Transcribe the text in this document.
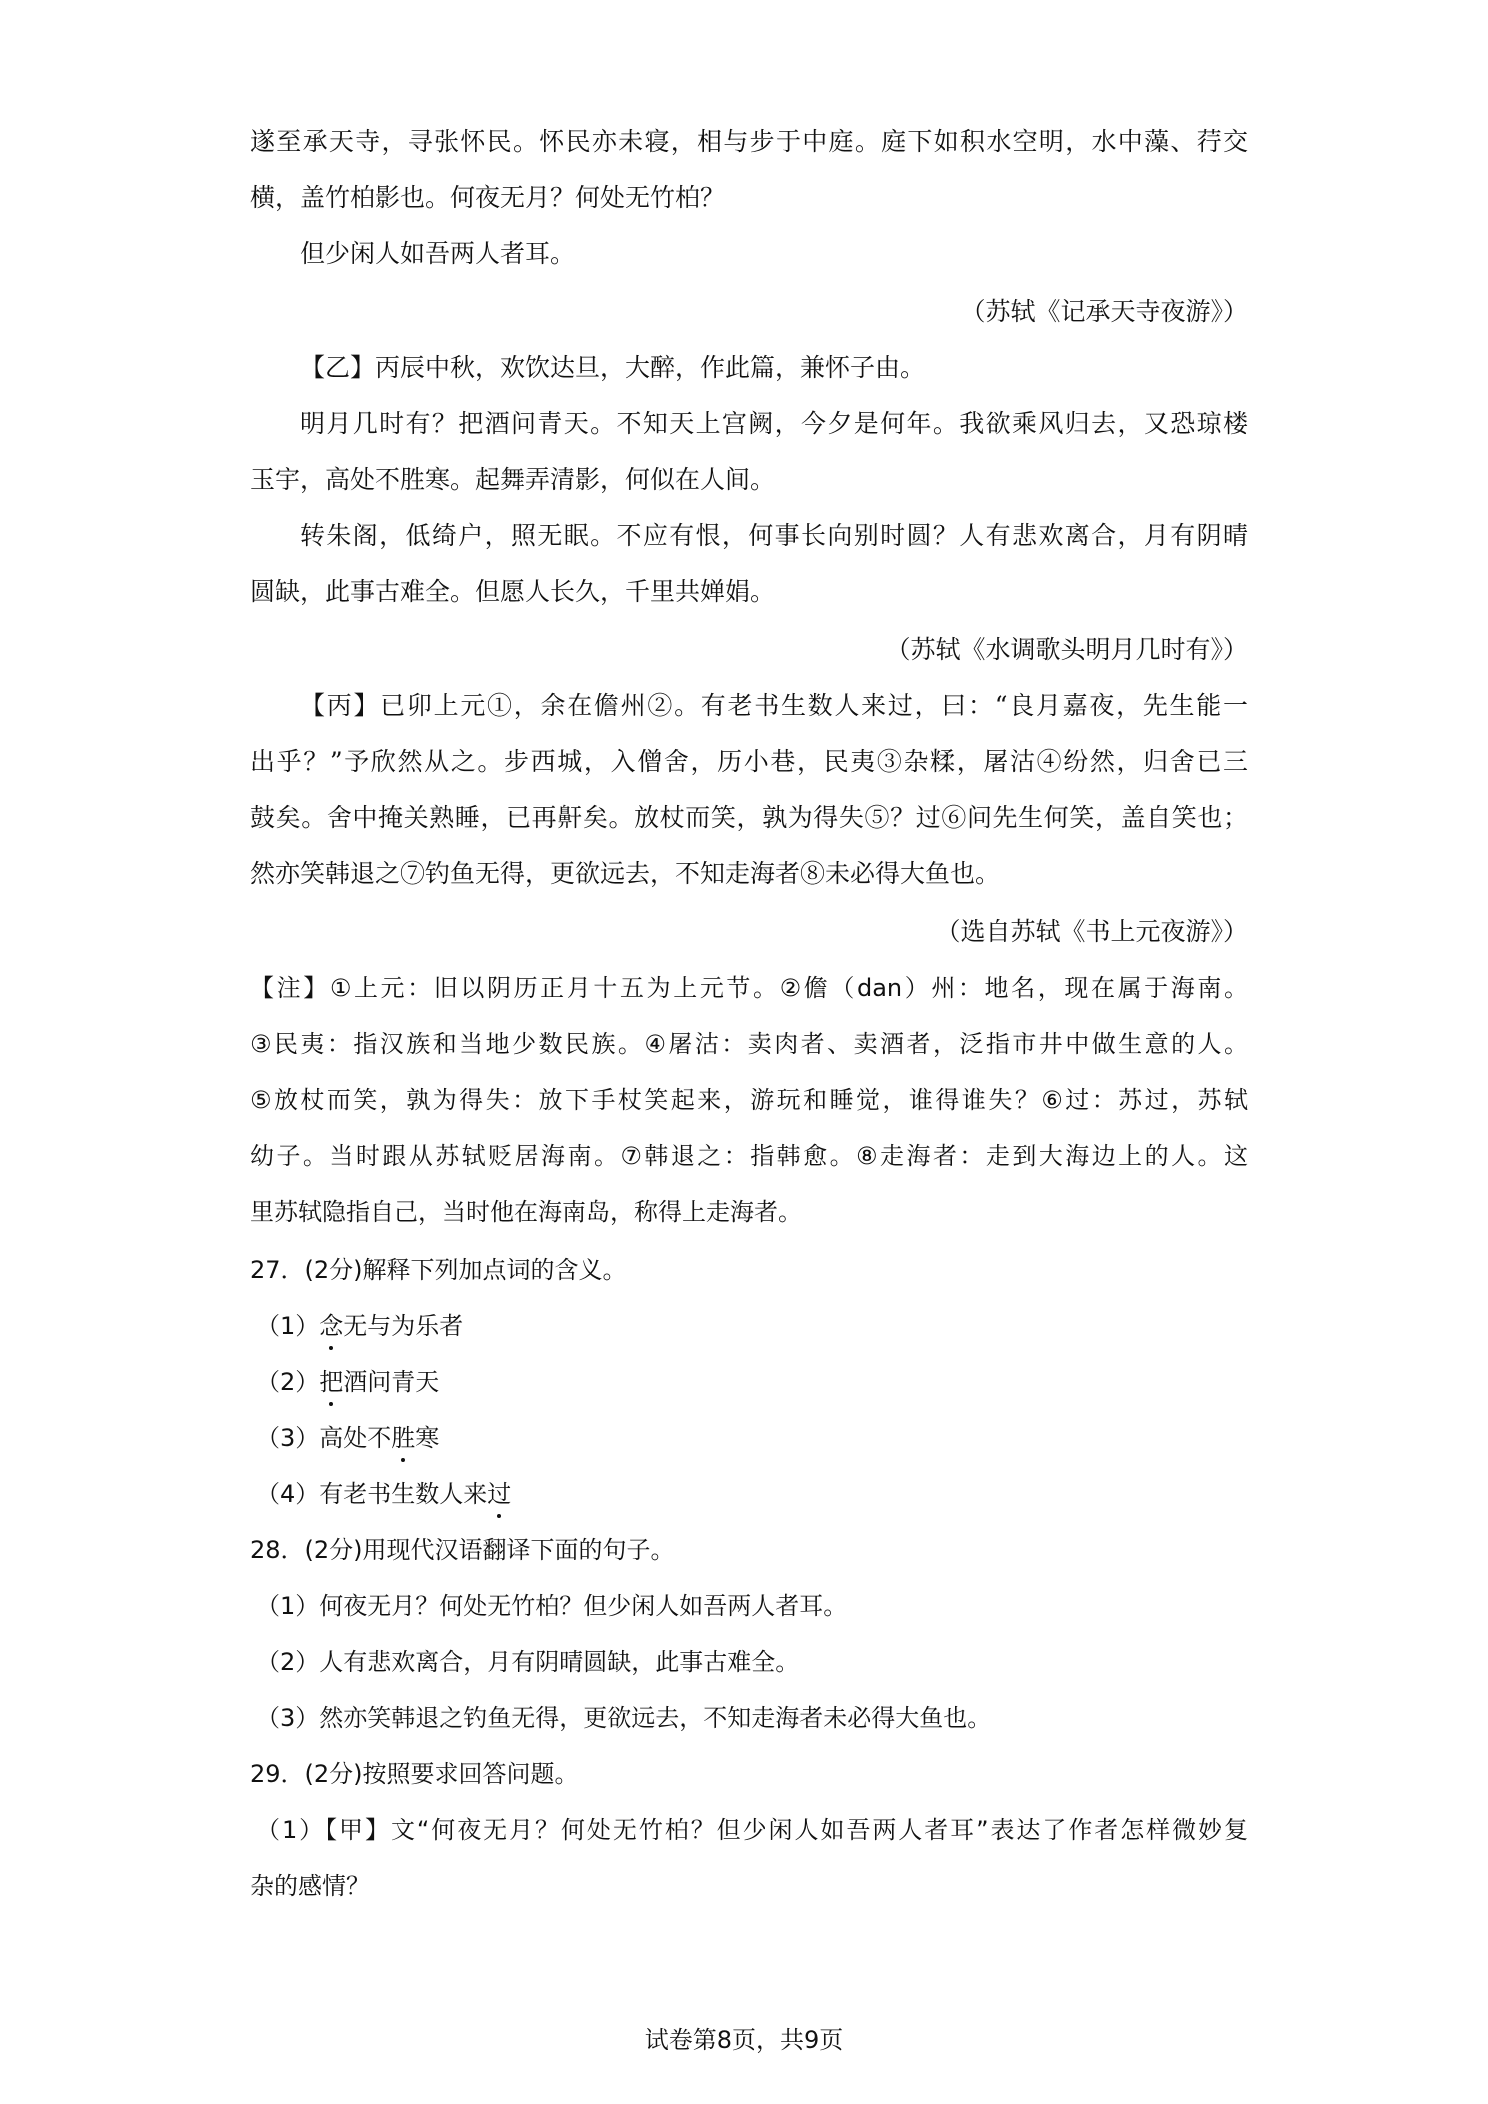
遂至承天寺，寻张怀民。怀民亦未寝，相与步于中庭。庭下如积水空明，水中藻、荇交
横，盖竹柏影也。何夜无月？何处无竹柏？
但少闲人如吾两人者耳。
（苏轼《记承天寺夜游》）
【乙】丙辰中秋，欢饮达旦，大醉，作此篇，兼怀子由。
明月几时有？把酒问青天。不知天上宫阙，今夕是何年。我欲乘风归去，又恐琼楼
玉宇，高处不胜寒。起舞弄清影，何似在人间。
转朱阁，低绮户，照无眠。不应有恨，何事长向别时圆？人有悲欢离合，月有阴晴
圆缺，此事古难全。但愿人长久，千里共婵娟。
（苏轼《水调歌头明月几时有》）
【丙】已卯上元①，余在儋州②。有老书生数人来过，曰：“良月嘉夜，先生能一
出乎？”予欣然从之。步西城，入僧舍，历小巷，民夷③杂糅，屠沽④纷然，归舍已三
鼓矣。舍中掩关熟睡，已再鼾矣。放杖而笑，孰为得失⑤？过⑥问先生何笑，盖自笑也；
然亦笑韩退之⑦钓鱼无得，更欲远去，不知走海者⑧未必得大鱼也。
（选自苏轼《书上元夜游》）
【注】①上元：旧以阴历正月十五为上元节。②儋（dan）州：地名，现在属于海南。
③民夷：指汉族和当地少数民族。④屠沽：卖肉者、卖酒者，泛指市井中做生意的人。
⑤放杖而笑，孰为得失：放下手杖笑起来，游玩和睡觉，谁得谁失？⑥过：苏过，苏轼
幼子。当时跟从苏轼贬居海南。⑦韩退之：指韩愈。⑧走海者：走到大海边上的人。这
里苏轼隐指自己，当时他在海南岛，称得上走海者。
27．(2分)解释下列加点词的含义。
（1）念无与为乐者
（2）把酒问青天
（3）高处不胜寒
（4）有老书生数人来过
28．(2分)用现代汉语翻译下面的句子。
（1）何夜无月？何处无竹柏？但少闲人如吾两人者耳。
（2）人有悲欢离合，月有阴晴圆缺，此事古难全。
（3）然亦笑韩退之钓鱼无得，更欲远去，不知走海者未必得大鱼也。
29．(2分)按照要求回答问题。
（1）【甲】文“何夜无月？何处无竹柏？但少闲人如吾两人者耳”表达了作者怎样微妙复
杂的感情？
试卷第8页，共9页
